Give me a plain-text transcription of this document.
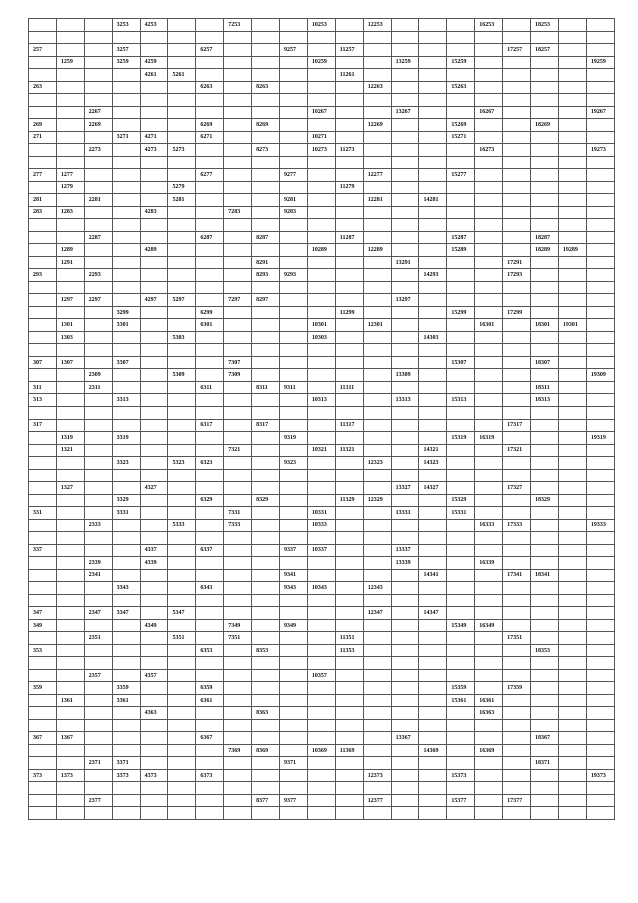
			3253	4253			7253			10253		12253				16253		18253		

257			3257			6257			9257		11257						17257	18257		
	1259		3259	4259						10259			13259		15259					19259
				4261	5261						11261									
263						6263		8263				12263			15263					

		2267								10267			13267			16267				19267
269		2269				6269		8269				12269			15269			18269		
271			3271	4271		6271				10271					15271					
		2273		4273	5273			8273		10273	11273					16273				19273

277	1277					6277			9277			12277			15277					
	1279				5279						11279									
281		2281			5281				9281			12281		14281						
283	1283			4283			7283		9283											

		2287				6287		8287			11287				15287			18287		
	1289			4289						10289		12289			15289			18289	19289	
	1291							8291					13291				17291			
293		2293						8293	9293					14293			17293			

	1297	2297		4297	5297		7297	8297					13297							
			3299			6299					11299				15299		17299			
	1301		3301			6301				10301		12301				16301		18301	19301	
	1303				5303					10303				14303						

307	1307		3307				7307								15307			18307		
		2309			5309		7309						13309							19309
311		2311				6311		8311	9311		11311							18311		
313			3313							10313			13313		15313			18313		

317						6317		8317			11317						17317			
	1319		3319						9319						15319	16319				19319
	1321						7321			10321	11321			14321			17321			
			3323		5323	6323			9323			12323		14323						

	1327			4327									13327	14327			17327			
			3329			6329		8329			11329	12329			15329			18329		
331			3331				7331			10331			13331		15331					
		2333			5333		7333			10333						16333	17333			19333

337				4337		6337			9337	10337			13337							
		2339		4339									13339			16339				
		2341							9341					14341			17341	18341		
			3343			6343			9343	10343		12343								

347		2347	3347		5347							12347		14347						
349				4349			7349		9349						15349	16349				
		2351			5351		7351				11351						17351			
353						6353		8353			11353							18353		

		2357		4357						10357										
359			3359			6359									15359		17359			
	1361		3361			6361									15361	16361				
				4363				8363								16363				

367	1367					6367							13367					18367		
							7369	8369		10369	11369			14369		16369				
		2371	3371						9371									18371		
373	1373		3373	4373		6373						12373			15373					19373

		2377						8377	9377			12377			15377		17377			
